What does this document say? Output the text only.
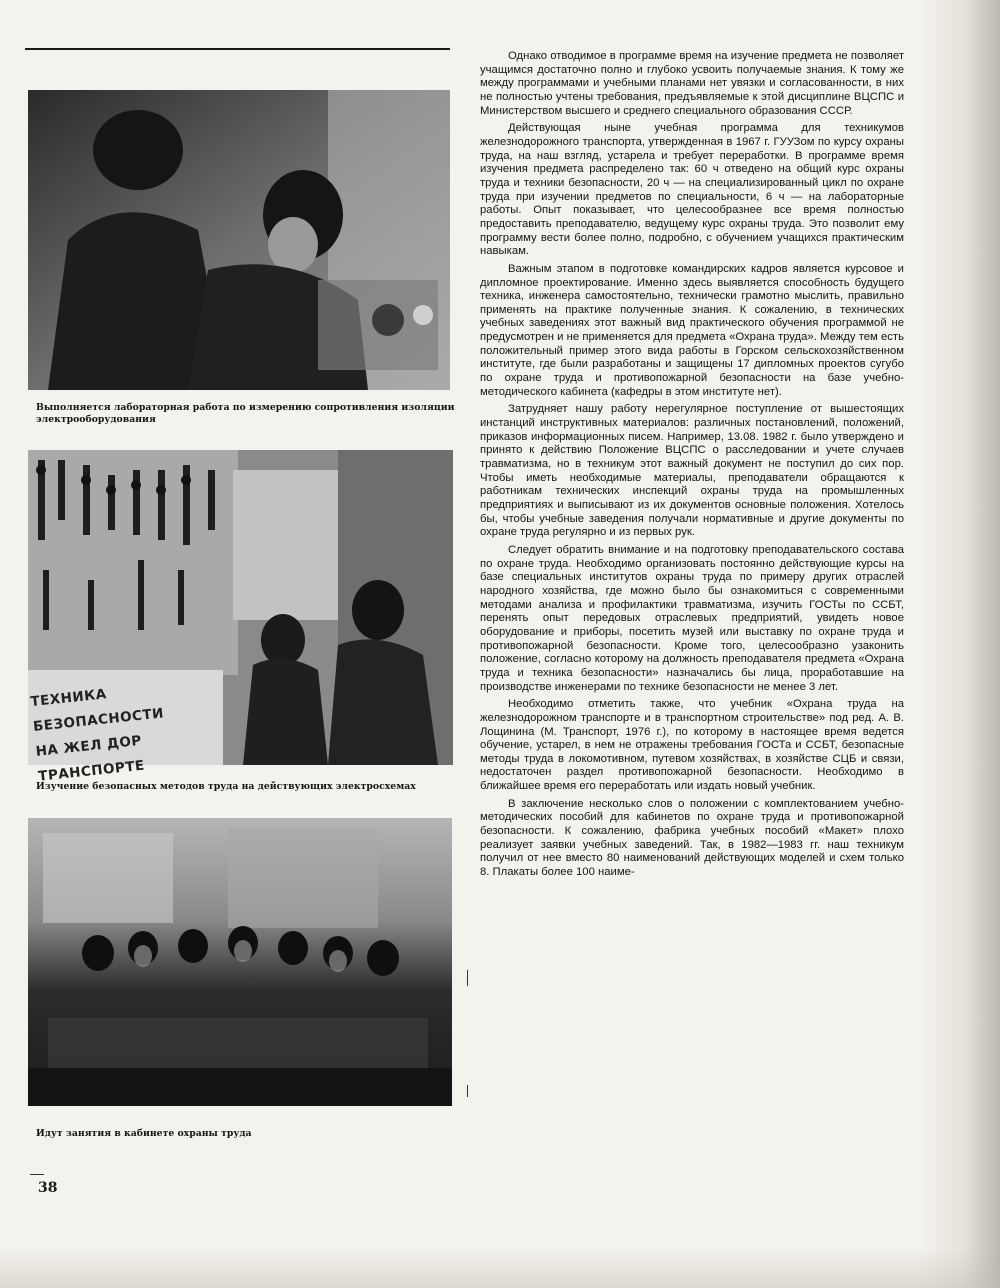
Выполняется лабораторная работа по измерению сопротивления изоляции электрооборудования
ТЕХНИКА БЕЗОПАСНОСТИ
НА ЖЕЛ ДОР ТРАНСПОРТЕ
Изучение безопасных методов труда на действующих электросхемах
Идут занятия в кабинете охраны труда

Однако отводимое в программе время на изучение предмета не позволяет учащимся достаточно полно и глубоко усвоить получаемые знания. К тому же между программами и учебными планами нет увязки и согласованности, в них не полностью учтены требования, предъявляемые к этой дисциплине ВЦСПС и Министерством высшего и среднего специального образования СССР.

Действующая ныне учебная программа для техникумов железнодорожного транспорта, утвержденная в 1967 г. ГУУЗом по курсу охраны труда, на наш взгляд, устарела и требует переработки. В программе время изучения предмета распределено так: 60 ч отведено на общий курс охраны труда и техники безопасности, 20 ч — на специализированный цикл по охране труда при изучении предметов по специальности, 6 ч — на лабораторные работы. Опыт показывает, что целесообразнее все время полностью предоставить преподавателю, ведущему курс охраны труда. Это позволит ему программу вести более полно, подробно, с обучением учащихся практическим навыкам.

Важным этапом в подготовке командирских кадров является курсовое и дипломное проектирование. Именно здесь выявляется способность будущего техника, инженера самостоятельно, технически грамотно мыслить, правильно применять на практике полученные знания. К сожалению, в технических учебных заведениях этот важный вид практического обучения программой не предусмотрен и не применяется для предмета «Охрана труда». Между тем есть положительный пример этого вида работы в Горском сельскохозяйственном институте, где были разработаны и защищены 17 дипломных проектов сугубо по охране труда и противопожарной безопасности на базе учебно-методического кабинета (кафедры в этом институте нет).

Затрудняет нашу работу нерегулярное поступление от вышестоящих инстанций инструктивных материалов: различных постановлений, положений, приказов информационных писем. Например, 13.08. 1982 г. было утверждено и принято к действию Положение ВЦСПС о расследовании и учете случаев травматизма, но в техникум этот важный документ не поступил до сих пор. Чтобы иметь необходимые материалы, преподаватели обращаются к работникам технических инспекций охраны труда на промышленных предприятиях и выписывают из их документов основные положения. Хотелось бы, чтобы учебные заведения получали нормативные и другие документы по охране труда регулярно и из первых рук.

Следует обратить внимание и на подготовку преподавательского состава по охране труда. Необходимо организовать постоянно действующие курсы на базе специальных институтов охраны труда по примеру других отраслей народного хозяйства, где можно было бы ознакомиться с современными методами анализа и профилактики травматизма, изучить ГОСТы по ССБТ, перенять опыт передовых отраслевых предприятий, увидеть новое оборудование и приборы, посетить музей или выставку по охране труда и противопожарной безопасности. Кроме того, целесообразно узаконить положение, согласно которому на должность преподавателя предмета «Охрана труда и техника безопасности» назначались бы лица, проработавшие на производстве инженерами по технике безопасности не менее 3 лет.

Необходимо отметить также, что учебник «Охрана труда на железнодорожном транспорте и в транспортном строительстве» под ред. А. В. Лощинина (М. Транспорт, 1976 г.), по которому в настоящее время ведется обучение, устарел, в нем не отражены требования ГОСТа и ССБТ, безопасные методы труда в локомотивном, путевом хозяйствах, в хозяйстве СЦБ и связи, недостаточен раздел противопожарной безопасности. Необходимо в ближайшее время его переработать или издать новый учебник.

В заключение несколько слов о положении с комплектованием учебно-методических пособий для кабинетов по охране труда и противопожарной безопасности. К сожалению, фабрика учебных пособий «Макет» плохо реализует заявки учебных заведений. Так, в 1982—1983 гг. наш техникум получил от нее вместо 80 наименований действующих моделей и схем только 8. Плакаты более 100 наиме-

38
